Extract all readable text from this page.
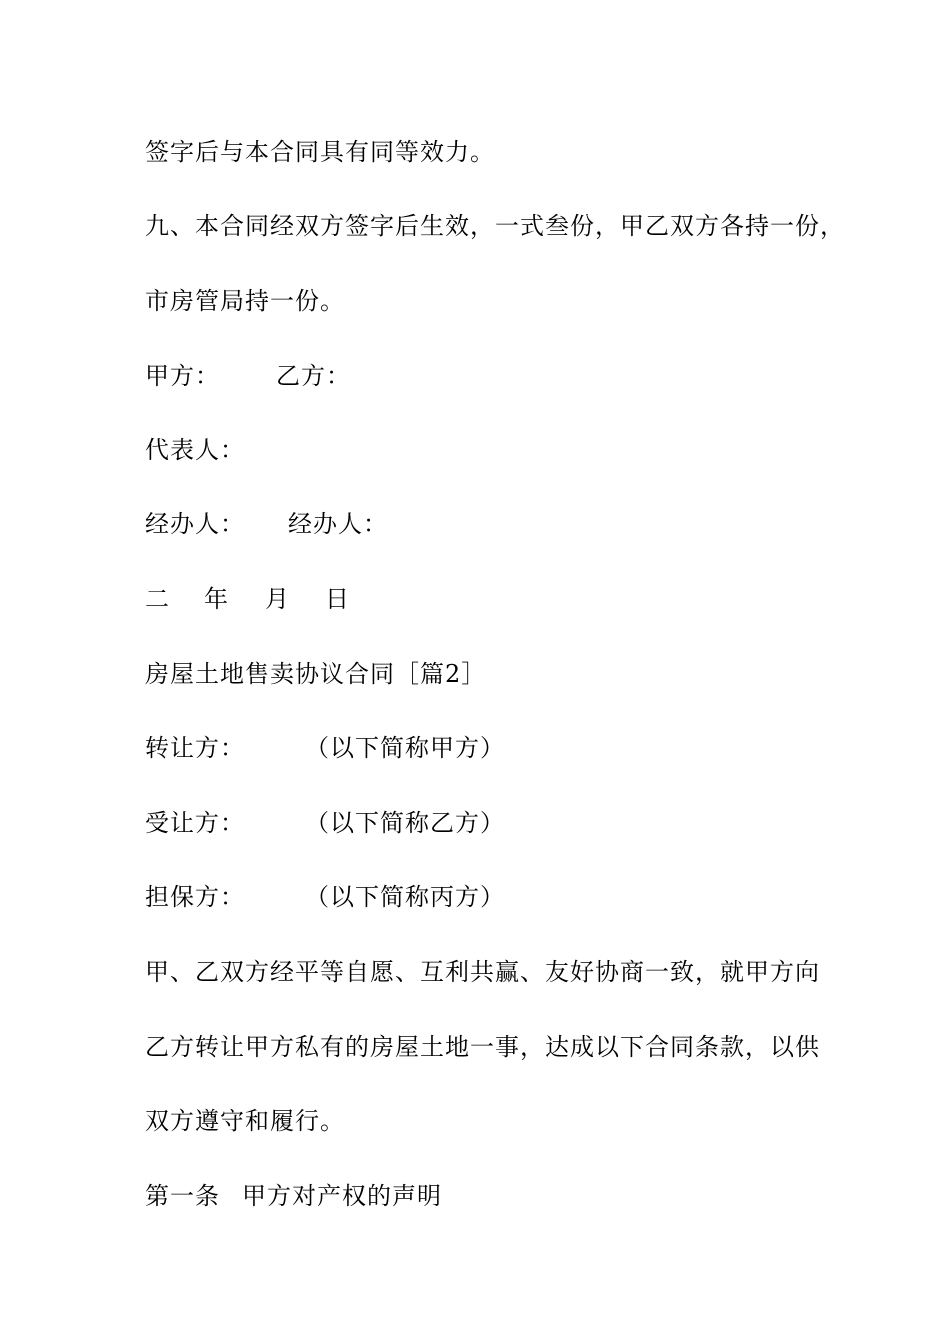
签字后与本合同具有同等效力。
九、本合同经双方签字后生效，一式叁份，甲乙双方各持一份，
市房管局持一份。

甲方：

乙方：

代表人：

经办人：

经办人：

二

年

月

日

房屋土地售卖协议合同［篇2］

转让方：

	（以下简称甲方）

受让方：

	（以下简称乙方）

担保方：

	（以下简称丙方）

甲、乙双方经平等自愿、互利共赢、友好协商一致，就甲方向
乙方转让甲方私有的房屋土地一事，达成以下合同条款，以供
双方遵守和履行。

第一条

甲方对产权的声明
